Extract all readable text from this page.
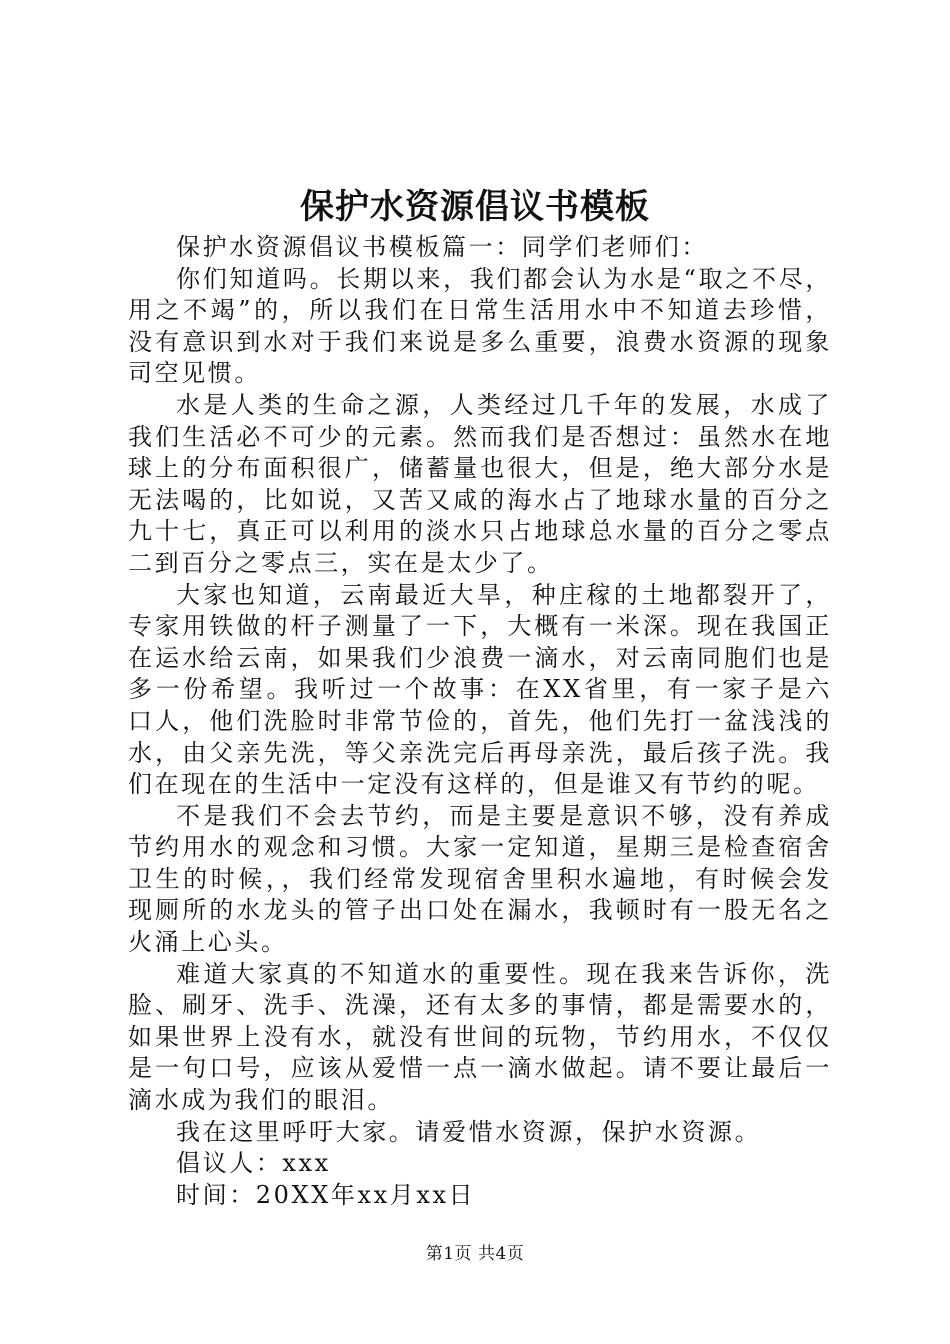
保护水资源倡议书模板

保护水资源倡议书模板篇一：同学们老师们：

你们知道吗。长期以来，我们都会认为水是“取之不尽，用之不竭”的，所以我们在日常生活用水中不知道去珍惜，没有意识到水对于我们来说是多么重要，浪费水资源的现象司空见惯。

水是人类的生命之源，人类经过几千年的发展，水成了我们生活必不可少的元素。然而我们是否想过：虽然水在地球上的分布面积很广，储蓄量也很大，但是，绝大部分水是无法喝的，比如说，又苦又咸的海水占了地球水量的百分之九十七，真正可以利用的淡水只占地球总水量的百分之零点二到百分之零点三，实在是太少了。

大家也知道，云南最近大旱，种庄稼的土地都裂开了，专家用铁做的杆子测量了一下，大概有一米深。现在我国正在运水给云南，如果我们少浪费一滴水，对云南同胞们也是多一份希望。我听过一个故事：在XX省里，有一家子是六口人，他们洗脸时非常节俭的，首先，他们先打一盆浅浅的水，由父亲先洗，等父亲洗完后再母亲洗，最后孩子洗。我们在现在的生活中一定没有这样的，但是谁又有节约的呢。

不是我们不会去节约，而是主要是意识不够，没有养成节约用水的观念和习惯。大家一定知道，星期三是检查宿舍卫生的时候，，我们经常发现宿舍里积水遍地，有时候会发现厕所的水龙头的管子出口处在漏水，我顿时有一股无名之火涌上心头。

难道大家真的不知道水的重要性。现在我来告诉你，洗脸、刷牙、洗手、洗澡，还有太多的事情，都是需要水的，如果世界上没有水，就没有世间的玩物，节约用水，不仅仅是一句口号，应该从爱惜一点一滴水做起。请不要让最后一滴水成为我们的眼泪。

我在这里呼吁大家。请爱惜水资源，保护水资源。

倡议人：xxx

时间：20XX年xx月xx日

第1页 共4页
